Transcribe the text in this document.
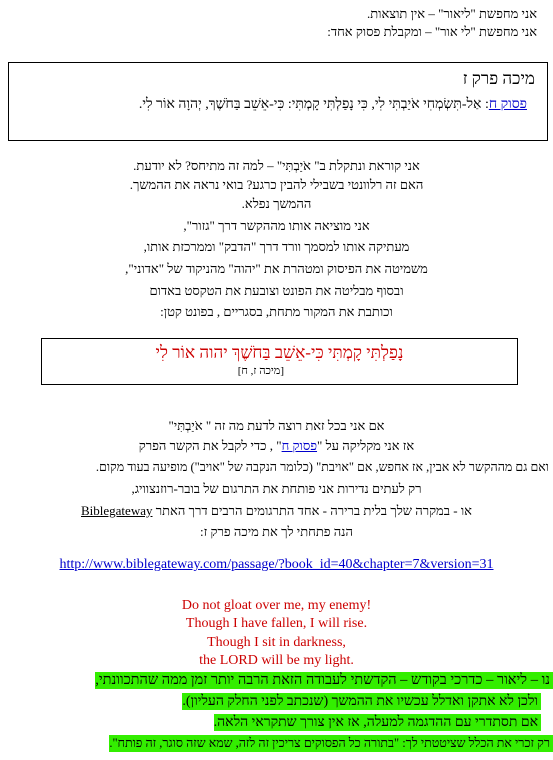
אני מחפשת "ליאור" – אין תוצאות.
אני מחפשת "לי אור" – ומקבלת פסוק אחד:
מיכה פרק ז
פסוק ח: אַל-תִּשְׂמְחִי אֹיַבְתִּי לִי, כִּי נָפַלְתִּי קָמְתִּי: כִּי-אֵשֵׁב בַּחֹשֶׁךְ, יְהוָה אוֹר לִי.
אני קוראת ונתקלת ב" אֹיַבְתִּי" – למה זה מתיחס? לא יודעת.
האם זה רלוונטי בשבילי להבין כרגע? בואי נראה את ההמשך.
ההמשך נפלא.
אני מוציאה אותו מההקשר דרך "גזור",
מעתיקה אותו למסמך וורד דרך "הדבק" וממרכזת אותו,
משמיטה את הפיסוק ומטהרת את "יהוה" מהניקוד של "אדוני",
ובסוף מבליטה את הפונט וצובעת את הטקסט באדום
וכותבת את המקור מתחת, בסגריים , בפונט קטן:
נָפַלְתִּי קָמְתִּי כִּי-אֵשֵׁב בַּחֹשֶׁךְ יהוה אוֹר לִי
[מיכה ז, ח]
אם אני בכל זאת רוצה לדעת מה זה " אֹיַבְתִּי"
אז אני מקליקה על "פסוק ח" , כדי לקבל את הקשר הפרק
ואם גם מההקשר לא אבין, אז אחפש, אם "אויבת" (כלומר הנקבה של "אויב") מופיעה בעוד מקום.
רק לעתים נדירות אני פותחת את התרגום של בובר-רוזנצוויג,
או - במקרה שלך בלית ברירה - אחד התרגומים הרבים דרך האתר Biblegateway
הנה פתחתי לך את מיכה פרק ז:
http://www.biblegateway.com/passage/?book_id=40&chapter=7&version=31
Do not gloat over me, my enemy!
Though I have fallen, I will rise.
Though I sit in darkness,
the LORD will be my light.
נו – ליאור – כדרכי בקודש – הקדשתי לעבודה הזאת הרבה יותר זמן ממה שהתכוונתי,
ולכן לא אתקן ואדלל עכשיו את ההמשך (שנכתב לפני החלק העליון).
אם תסתדרי עם ההדגמה למעלה, אז אין צורך שתקראי הלאה.
רק זכרי את הכלל שציטטתי לך: "בתורה כל הפסוקים צריכין זה לזה, שמא שזה סוגר, זה פותח".
